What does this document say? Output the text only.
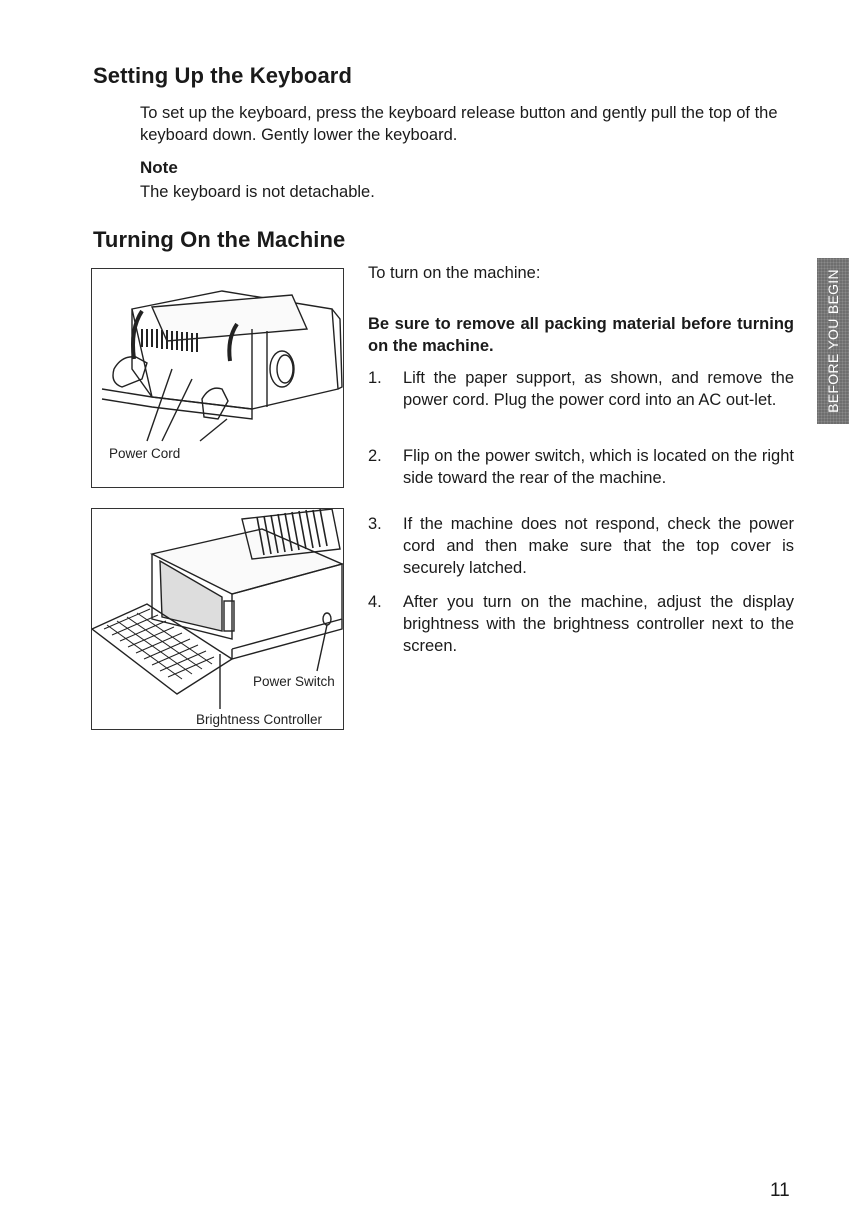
Setting Up the Keyboard

To set up the keyboard, press the keyboard release button and gently pull the top of the keyboard down. Gently lower the keyboard.

Note

The keyboard is not detachable.

Turning On the Machine
Power Cord
Power Switch
Brightness Controller
To turn on the machine:
Be sure to remove all packing material before turning on the machine.
1.	Lift the paper support, as shown, and remove the power cord. Plug the power cord into an AC out-let.
2.	Flip on the power switch, which is located on the right side toward the rear of the machine.
3.	If the machine does not respond, check the power cord and then make sure that the top cover is securely latched.
4.	After you turn on the machine, adjust the display brightness with the brightness controller next to the screen.
BEFORE YOU BEGIN
11
